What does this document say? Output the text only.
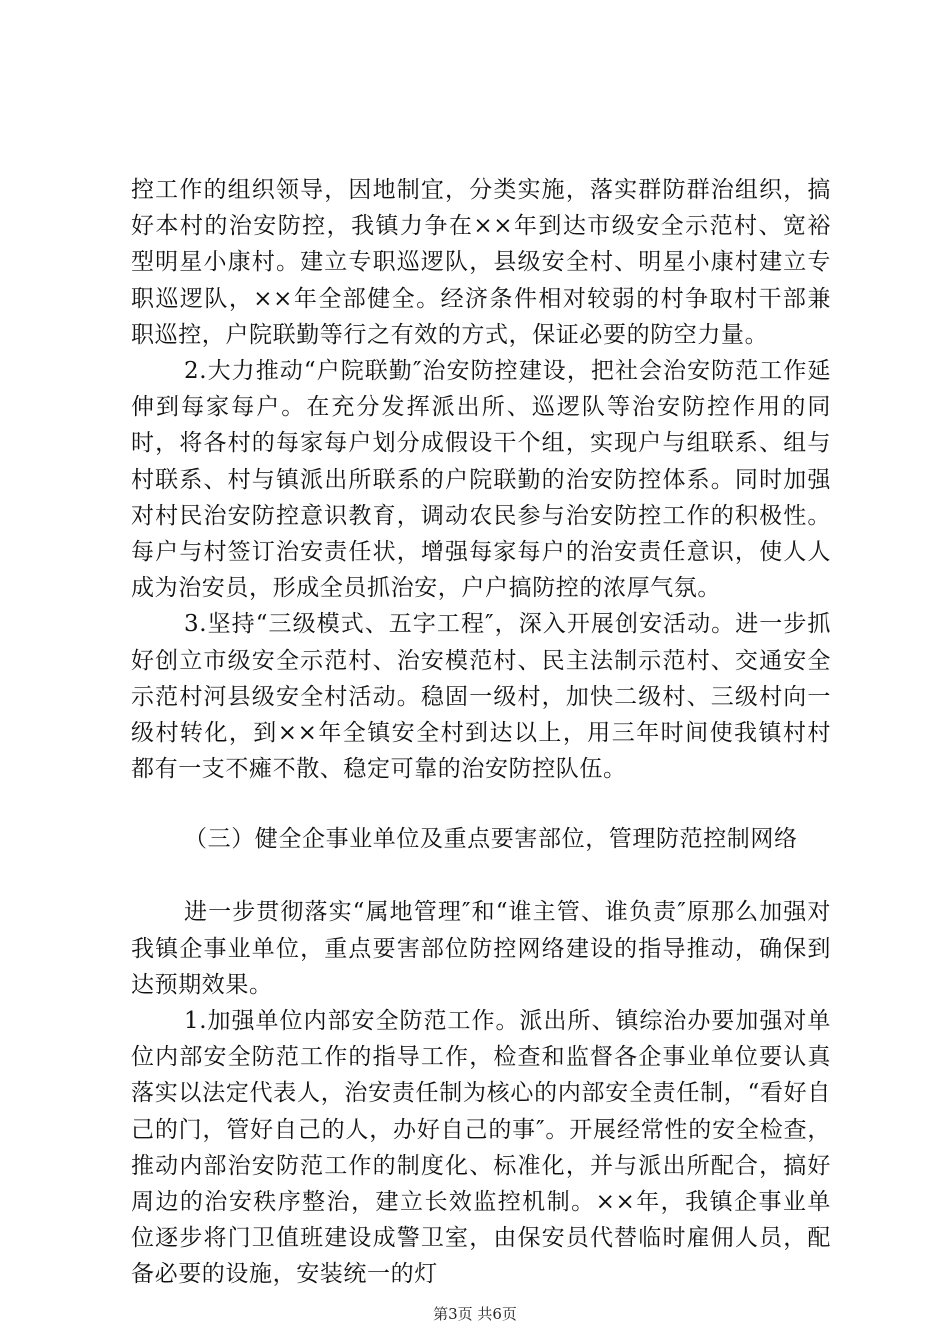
控工作的组织领导，因地制宜，分类实施，落实群防群治组织，搞好本村的治安防控，我镇力争在××年到达市级安全示范村、宽裕型明星小康村。建立专职巡逻队，县级安全村、明星小康村建立专职巡逻队，××年全部健全。经济条件相对较弱的村争取村干部兼职巡控，户院联勤等行之有效的方式，保证必要的防空力量。

2.大力推动“户院联勤″治安防控建设，把社会治安防范工作延伸到每家每户。在充分发挥派出所、巡逻队等治安防控作用的同时，将各村的每家每户划分成假设干个组，实现户与组联系、组与村联系、村与镇派出所联系的户院联勤的治安防控体系。同时加强对村民治安防控意识教育，调动农民参与治安防控工作的积极性。每户与村签订治安责任状，增强每家每户的治安责任意识，使人人成为治安员，形成全员抓治安，户户搞防控的浓厚气氛。

3.坚持“三级模式、五字工程″，深入开展创安活动。进一步抓好创立市级安全示范村、治安模范村、民主法制示范村、交通安全示范村河县级安全村活动。稳固一级村，加快二级村、三级村向一级村转化，到××年全镇安全村到达以上，用三年时间使我镇村村都有一支不瘫不散、稳定可靠的治安防控队伍。

（三）健全企事业单位及重点要害部位，管理防范控制网络

进一步贯彻落实“属地管理″和“谁主管、谁负责″原那么加强对我镇企事业单位，重点要害部位防控网络建设的指导推动，确保到达预期效果。

1.加强单位内部安全防范工作。派出所、镇综治办要加强对单位内部安全防范工作的指导工作，检查和监督各企事业单位要认真落实以法定代表人，治安责任制为核心的内部安全责任制，“看好自己的门，管好自己的人，办好自己的事″。开展经常性的安全检查，推动内部治安防范工作的制度化、标准化，并与派出所配合，搞好周边的治安秩序整治，建立长效监控机制。××年，我镇企事业单位逐步将门卫值班建设成警卫室，由保安员代替临时雇佣人员，配备必要的设施，安装统一的灯

第3页 共6页
